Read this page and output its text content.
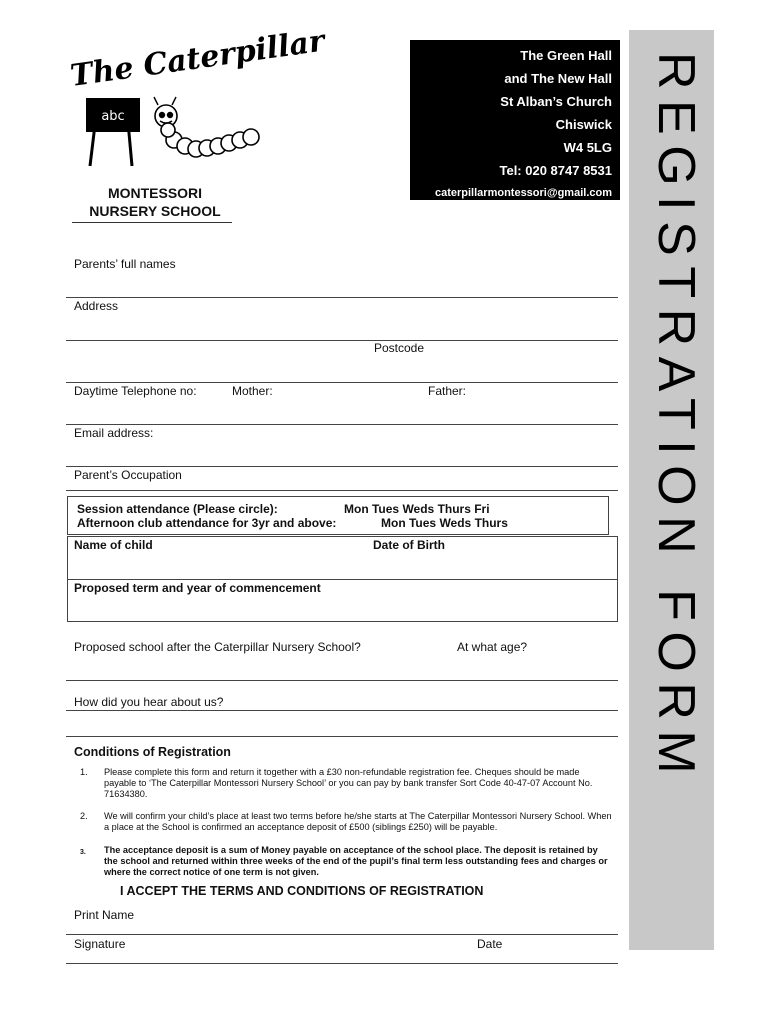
The Caterpillar
abc
MONTESSORI
NURSERY SCHOOL
The Green Hall
and The New Hall
St Alban’s Church
Chiswick
W4 5LG
Tel: 020 8747 8531
caterpillarmontessori@gmail.com REGISTRATION FORM
Parents’ full names
Address
Postcode
Daytime Telephone no:	Mother:	Father:
Email address:
Parent’s Occupation
Session attendance (Please circle):	Mon Tues Weds Thurs Fri
Afternoon club attendance for 3yr and above:	Mon Tues Weds Thurs
Name of child	Date of Birth
Proposed term and year of commencement
Proposed school after the Caterpillar Nursery School?	At what age?
How did you hear about us?
Conditions of Registration
1. Please complete this form and return it together with a £30 non-refundable registration fee. Cheques should be made payable to ‘The Caterpillar Montessori Nursery School’ or you can pay by bank transfer Sort Code 40-47-07 Account No. 71634380.
2. We will confirm your child’s place at least two terms before he/she starts at The Caterpillar Montessori Nursery School. When a place at the School is confirmed an acceptance deposit of £500 (siblings £250) will be payable.
3. The acceptance deposit is a sum of Money payable on acceptance of the school place. The deposit is retained by the school and returned within three weeks of the end of the pupil’s final term less outstanding fees and charges or where the correct notice of one term is not given.
I ACCEPT THE TERMS AND CONDITIONS OF REGISTRATION
Print Name
Signature	Date
